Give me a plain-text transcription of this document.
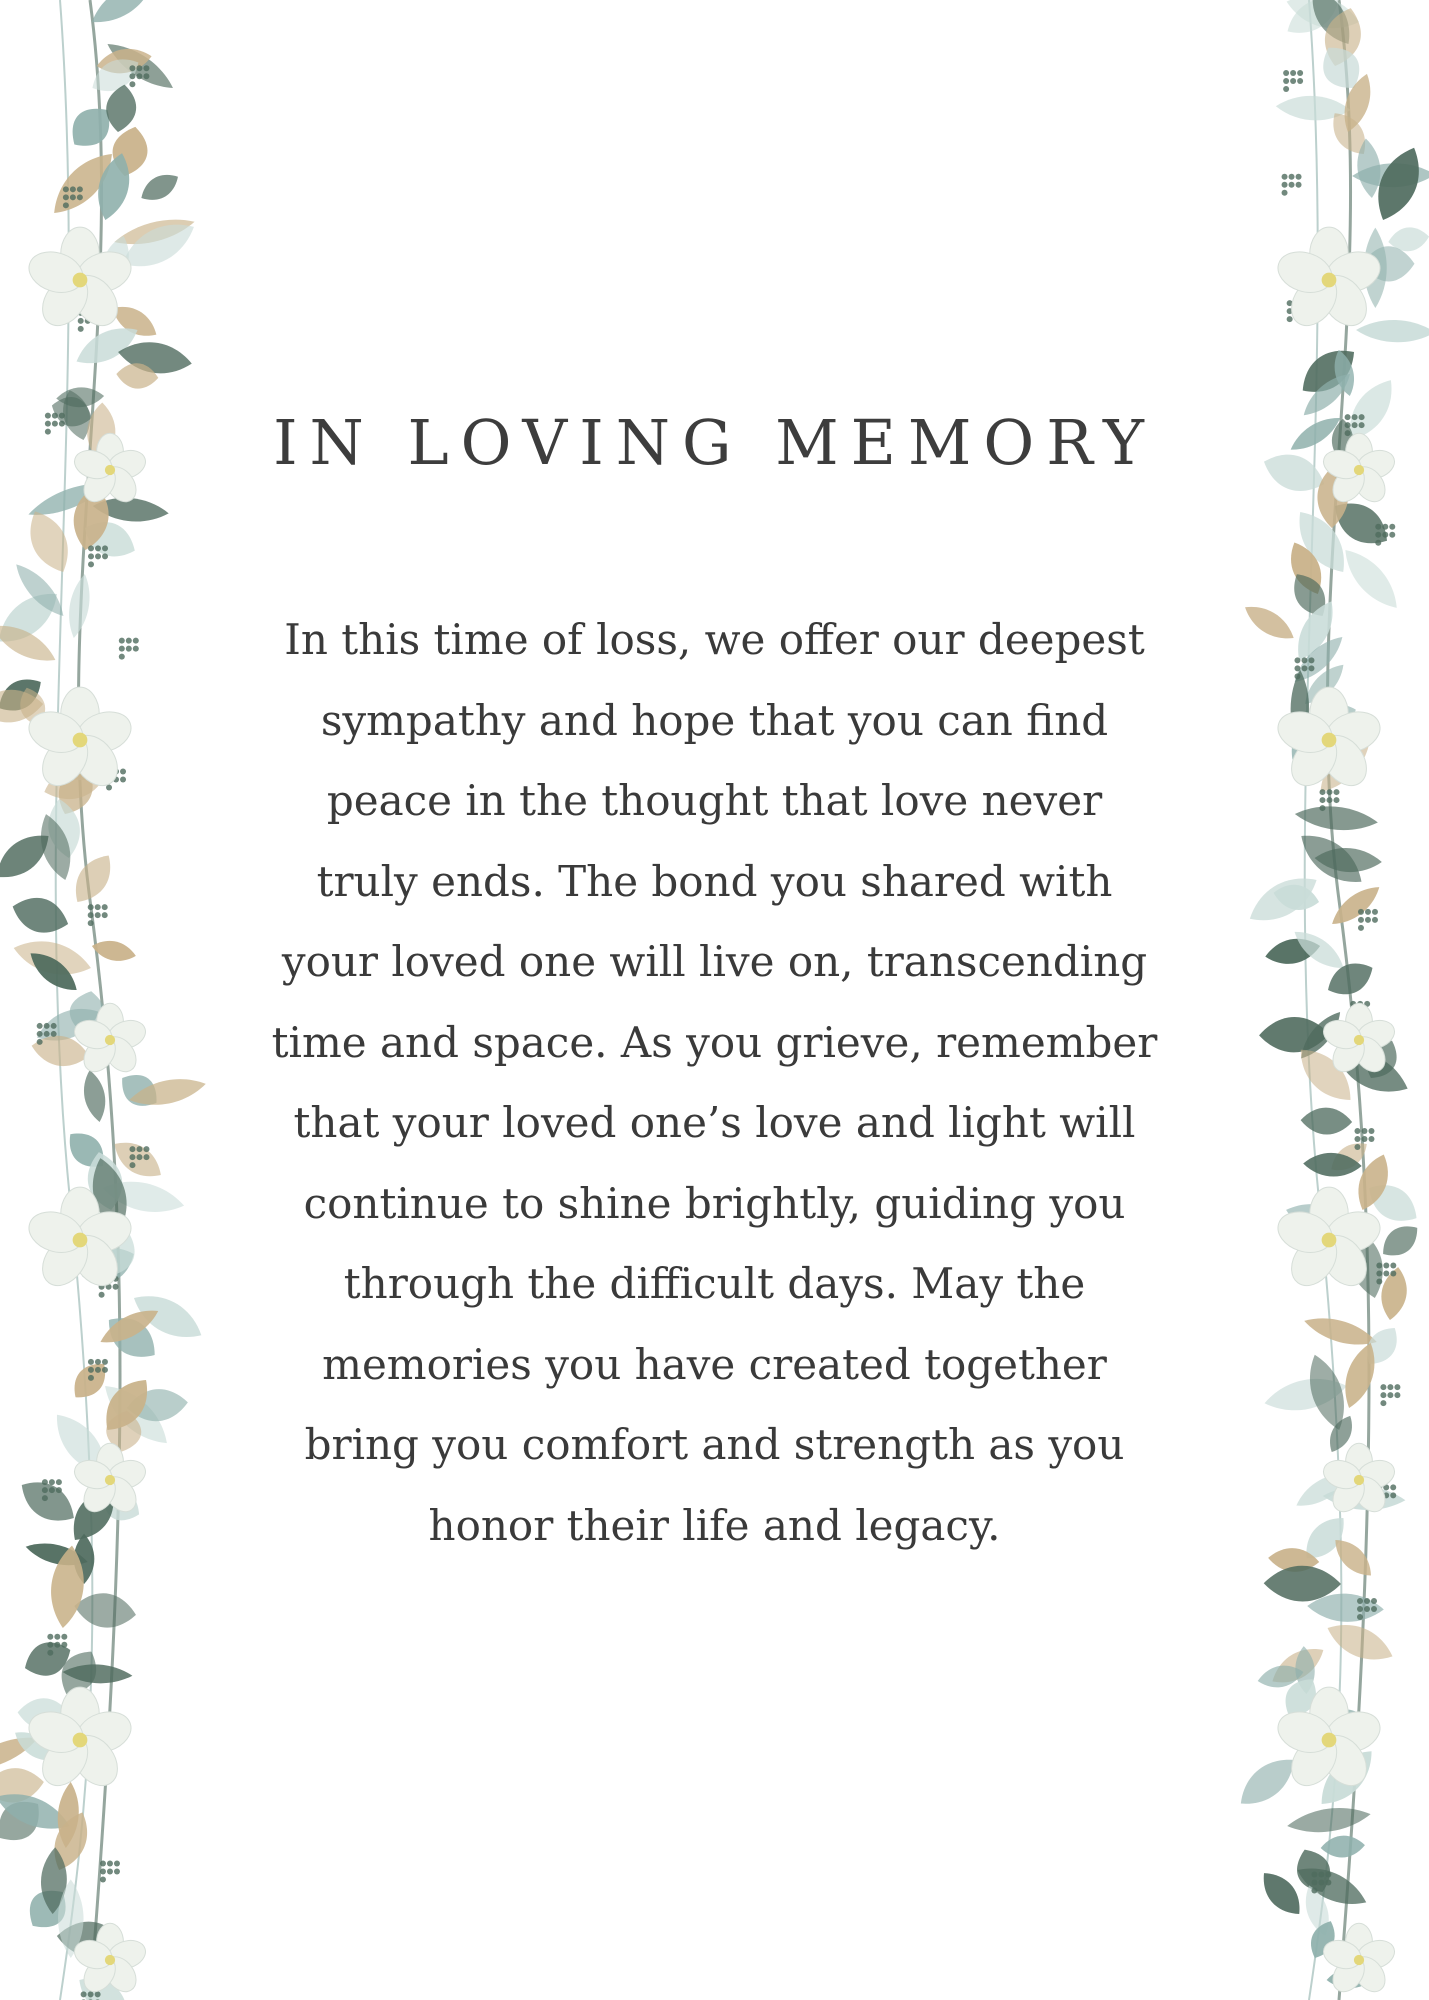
IN LOVING MEMORY

In this time of loss, we offer our deepest sympathy and hope that you can find peace in the thought that love never truly ends. The bond you shared with your loved one will live on, transcending time and space. As you grieve, remember that your loved one’s love and light will continue to shine brightly, guiding you through the difficult days. May the memories you have created together bring you comfort and strength as you honor their life and legacy.
